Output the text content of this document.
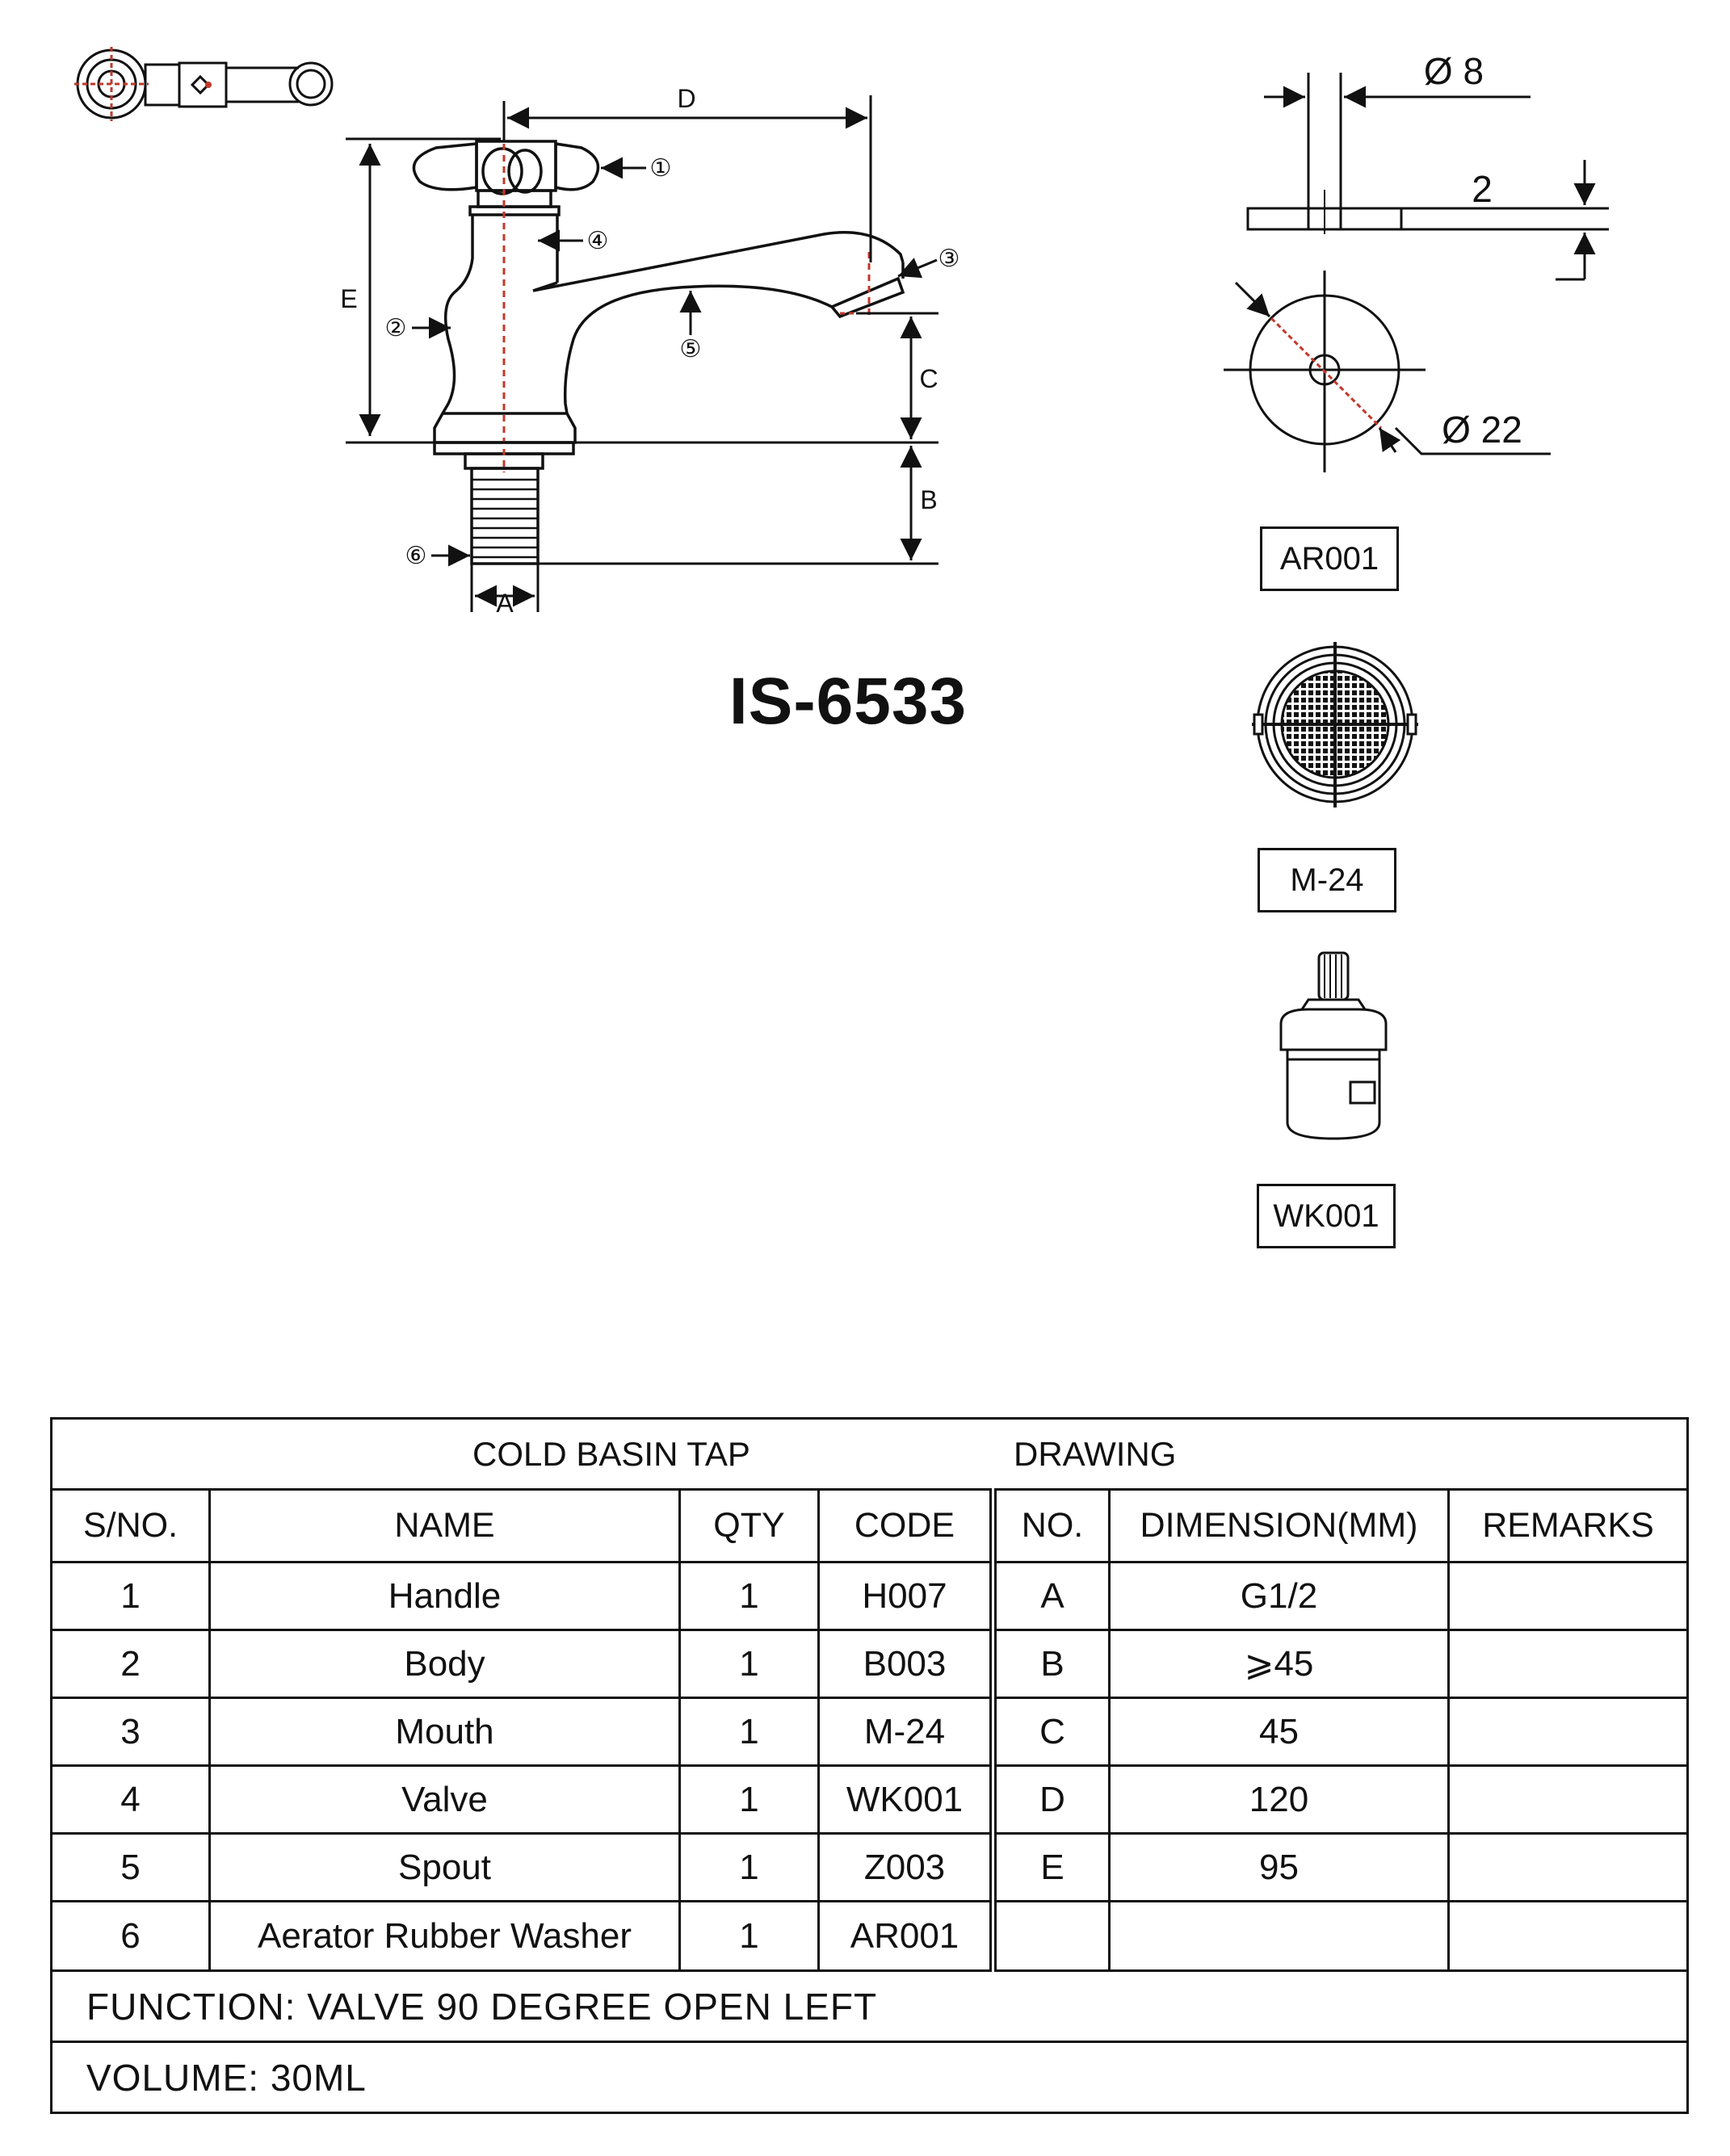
D
E
C
B
A
①
②
③
④
⑤
⑥
Ø 8
2
Ø 22
IS-6533
AR001
M-24
WK001
COLD BASIN TAP DRAWING						

S/NO.	NAME	QTY	CODE	NO.	DIMENSION(MM)	REMARKS
1	Handle	1	H007	A	G1/2	
2	Body	1	B003	B	⩾45	
3	Mouth	1	M-24	C	45	
4	Valve	1	WK001	D	120	
5	Spout	1	Z003	E	95	
6	Aerator Rubber Washer	1	AR001			
FUNCTION: VALVE 90 DEGREE OPEN LEFT						
VOLUME: 30ML						
